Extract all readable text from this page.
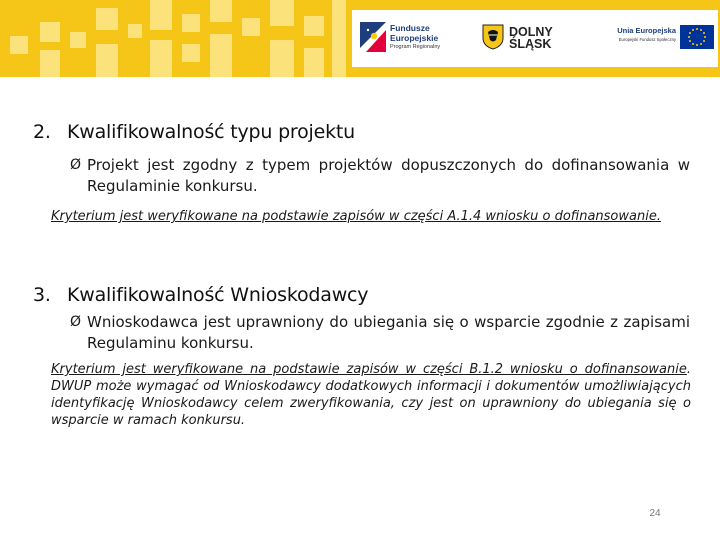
Fundusze
Europejskie
Program Regionalny
DOLNY
ŚLĄSK
Unia Europejska
Europejski Fundusz Społeczny
2. Kwalifikowalność typu projektu
Ø Projekt jest zgodny z typem projektów dopuszczonych do dofinansowania w Regulaminie konkursu.
Kryterium jest weryfikowane na podstawie zapisów w części A.1.4 wniosku o dofinansowanie.
3. Kwalifikowalność Wnioskodawcy
Ø Wnioskodawca jest uprawniony do ubiegania się o wsparcie zgodnie z zapisami Regulaminu konkursu.
Kryterium jest weryfikowane na podstawie zapisów w części B.1.2 wniosku o dofinansowanie. DWUP może wymagać od Wnioskodawcy dodatkowych informacji i dokumentów umożliwiających identyfikację Wnioskodawcy celem zweryfikowania, czy jest on uprawniony do ubiegania się o wsparcie w ramach konkursu.
24
